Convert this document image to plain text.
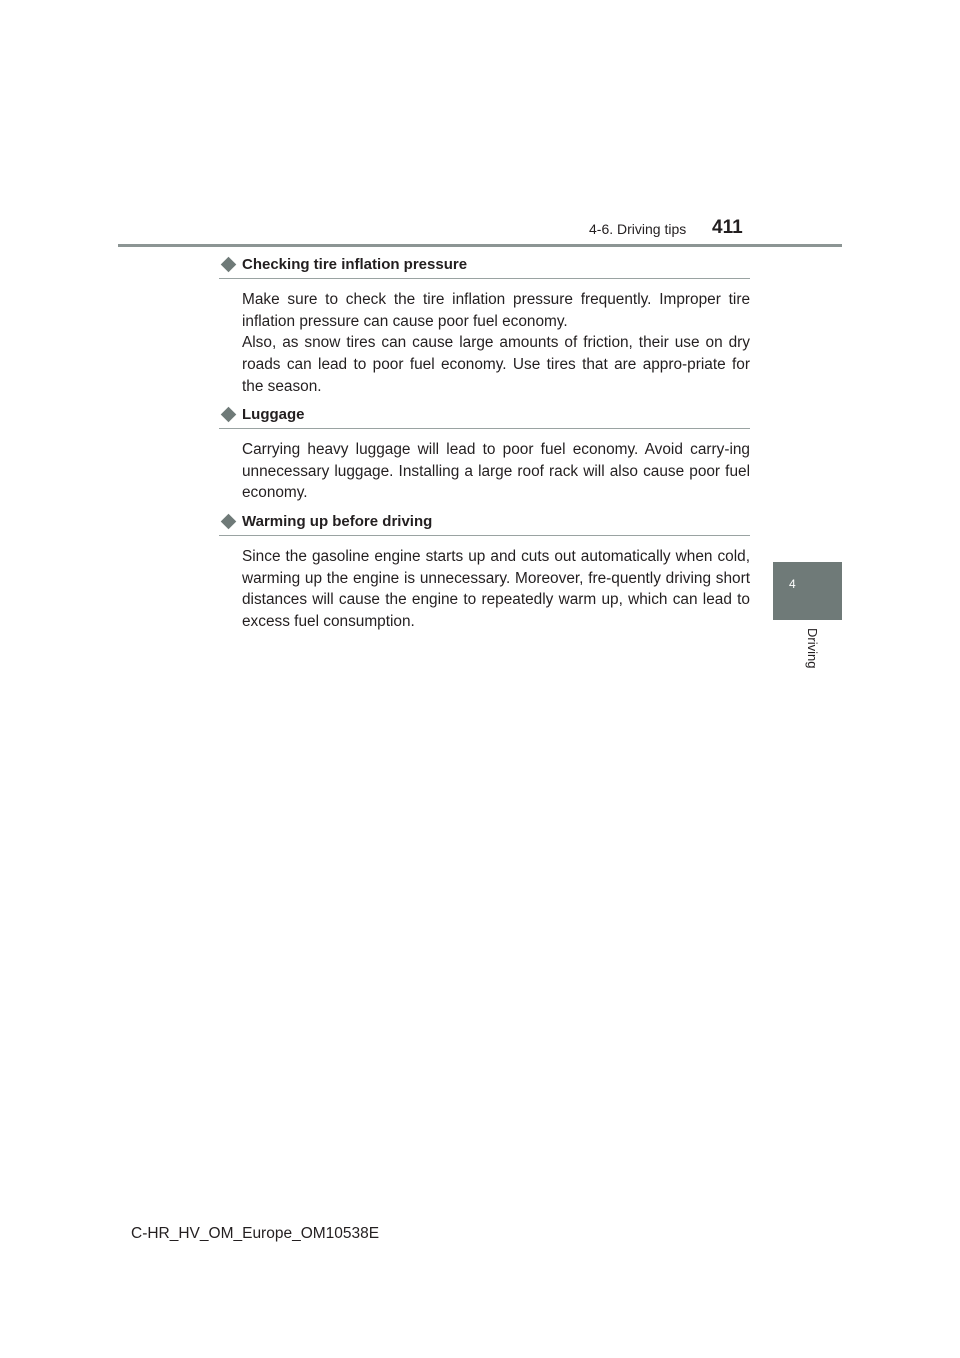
4-6. Driving tips 411
4
Driving
Checking tire inflation pressure
Make sure to check the tire inflation pressure frequently. Improper tire inflation pressure can cause poor fuel economy.
Also, as snow tires can cause large amounts of friction, their use on dry roads can lead to poor fuel economy. Use tires that are appro-priate for the season.
Luggage
Carrying heavy luggage will lead to poor fuel economy. Avoid carry-ing unnecessary luggage. Installing a large roof rack will also cause poor fuel economy.
Warming up before driving
Since the gasoline engine starts up and cuts out automatically when cold, warming up the engine is unnecessary. Moreover, fre-quently driving short distances will cause the engine to repeatedly warm up, which can lead to excess fuel consumption.
C-HR_HV_OM_Europe_OM10538E
